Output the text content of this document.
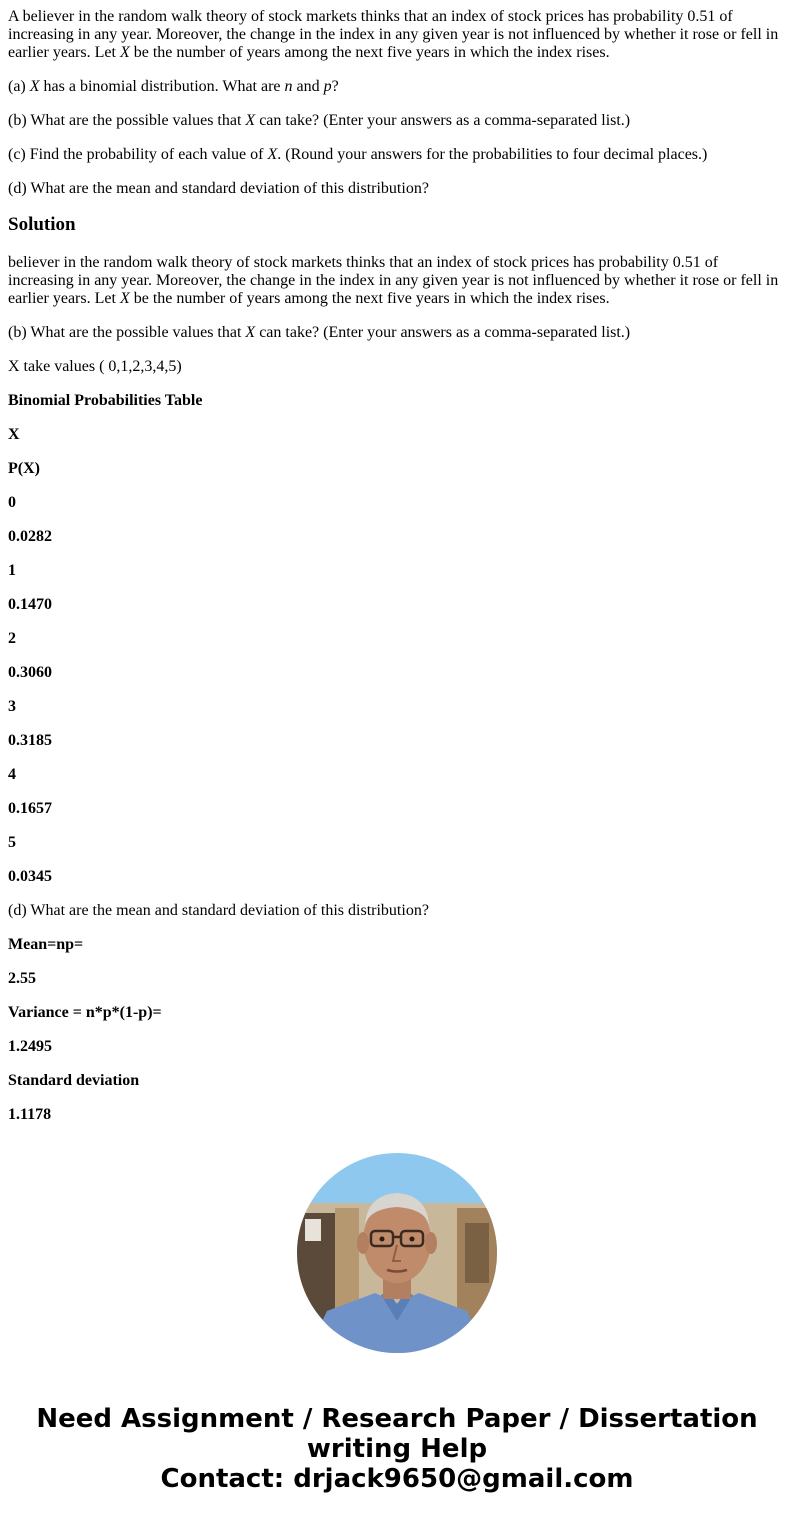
A believer in the random walk theory of stock markets thinks that an index of stock prices has probability 0.51 of increasing in any year. Moreover, the change in the index in any given year is not influenced by whether it rose or fell in earlier years. Let X be the number of years among the next five years in which the index rises.

(a) X has a binomial distribution. What are n and p?

(b) What are the possible values that X can take? (Enter your answers as a comma-separated list.)

(c) Find the probability of each value of X. (Round your answers for the probabilities to four decimal places.)

(d) What are the mean and standard deviation of this distribution?

Solution

believer in the random walk theory of stock markets thinks that an index of stock prices has probability 0.51 of increasing in any year. Moreover, the change in the index in any given year is not influenced by whether it rose or fell in earlier years. Let X be the number of years among the next five years in which the index rises.

(b) What are the possible values that X can take? (Enter your answers as a comma-separated list.)

X take values ( 0,1,2,3,4,5)

Binomial Probabilities Table

X

P(X)

0

0.0282

1

0.1470

2

0.3060

3

0.3185

4

0.1657

5

0.0345

(d) What are the mean and standard deviation of this distribution?

Mean=np=

2.55

Variance = n*p*(1-p)=

1.2495

Standard deviation

1.1178

Need Assignment / Research Paper / Dissertation
writing Help
Contact: drjack9650@gmail.com
